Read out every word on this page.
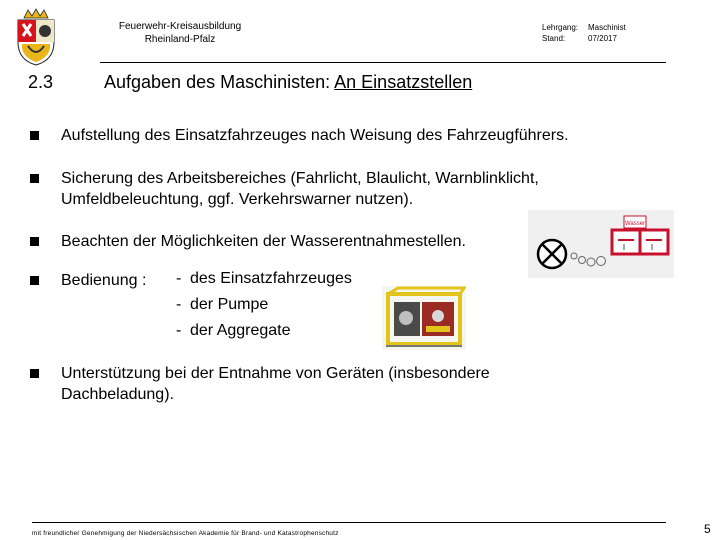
Feuerwehr-Kreisausbildung
Rheinland-Pfalz
Lehrgang:	Maschinist
Stand:	07/2017
2.3	Aufgaben des Maschinisten: An Einsatzstellen
Aufstellung des Einsatzfahrzeuges nach Weisung des Fahrzeugführers.
Sicherung des Arbeitsbereiches (Fahrlicht, Blaulicht, Warnblinklicht,
Umfeldbeleuchtung, ggf. Verkehrswarner nutzen).
Beachten der Möglichkeiten der Wasserentnahmestellen.
Bedienung : - des Einsatzfahrzeuges
- der Pumpe
- der Aggregate
Unterstützung bei der Entnahme von Geräten (insbesondere
Dachbeladung).
Wasser
mit freundlicher Genehmigung der Niedersächsischen Akademie für Brand- und Katastrophenschutz	5
